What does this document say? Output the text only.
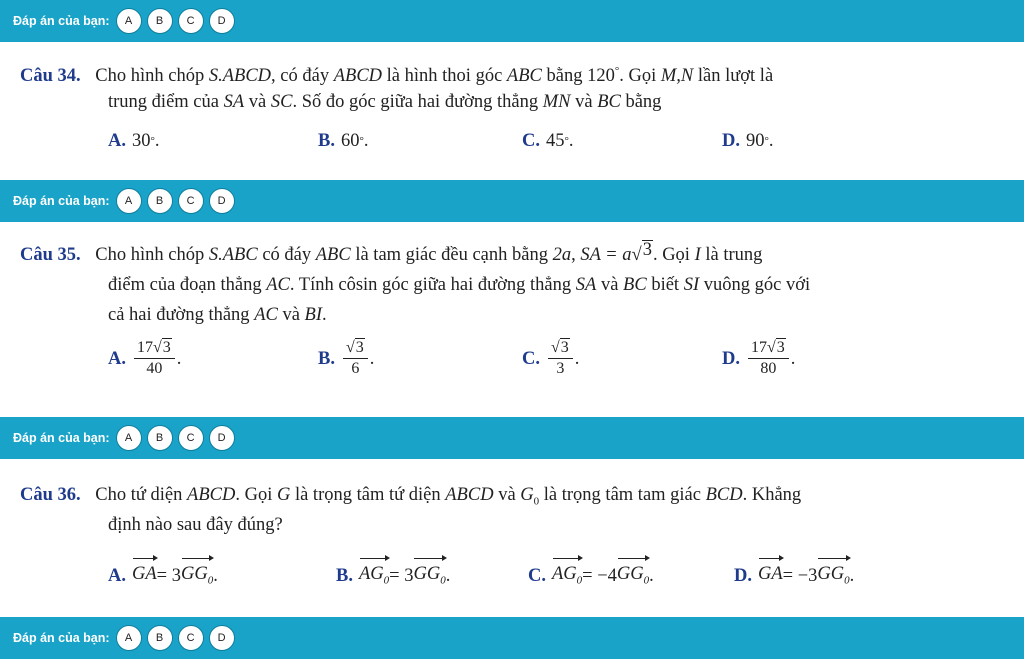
Đáp án của bạn:	A	B	C	D
Câu 34. Cho hình chóp S.ABCD, có đáy ABCD là hình thoi góc ABC bằng 120°. Gọi M,N lần lượt là
trung điểm của SA và SC. Số đo góc giữa hai đường thẳng MN và BC bằng
A. 30 ° .	B. 60 ° .	C. 45 ° .	D. 90 ° .
Đáp án của bạn:	A	B	C	D
Câu 35. Cho hình chóp S.ABC có đáy ABC là tam giác đều cạnh bằng 2a, SA = a√ 3 . Gọi I là trung
điểm của đoạn thẳng AC. Tính côsin góc giữa hai đường thẳng SA và BC biết SI vuông góc với
cả hai đường thẳng AC và BI.
A. $\frac{17√ 3}{40}$ .	B. $\frac{√ 3}{6}$ .	C. $\frac{√ 3}{3}$ .	D. $\frac{17√ 3}{80}$ .
Đáp án của bạn:	A	B	C	D
Câu 36. Cho tứ diện ABCD. Gọi G là trọng tâm tứ diện ABCD và $G_0$ là trọng tâm tam giác BCD. Khẳng
định nào sau đây đúng?
A. GA = 3 $GG_0$ .	B. $AG_0 = 3$ $GG_0$ .	C. $AG_0 = -4$ $GG_0$ .	D. GA = −3 $GG_0$ .
Đáp án của bạn:	A	B	C	D
